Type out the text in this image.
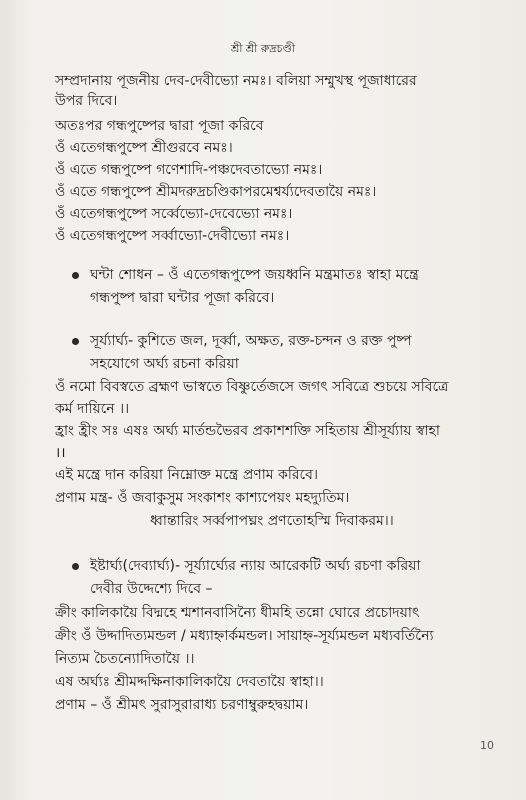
শ্রী শ্রী রুদ্রচণ্ডী
সম্প্রদানায় পূজনীয় দেব-দেবীভ্যো নমঃ। বলিয়া সম্মুখস্থ পূজাধারের
উপর দিবে।
অতঃপর গন্ধপুষ্পের দ্বারা পূজা করিবে
ওঁ এতেগন্ধপুষ্পে শ্রীগুরবে নমঃ।
ওঁ এতে গন্ধপুষ্পে গণেশাদি-পঞ্চদেবতাভ্যো নমঃ।
ওঁ এতে গন্ধপুষ্পে শ্রীমদরুদ্রচণ্ডিকাপরমেশ্বর্য্যদেবতায়ৈ নমঃ।
ওঁ এতেগন্ধপুষ্পে সর্ব্বেভ্যো-দেবেভ্যো নমঃ।
ওঁ এতেগন্ধপুষ্পে সর্ব্বাভ্যো-দেবীভ্যো নমঃ।
ঘন্টা শোধন – ওঁ এতেগন্ধপুষ্পে জয়ধ্বনি মন্ত্রমাতঃ স্বাহা মন্ত্রে
গন্ধপুষ্প দ্বারা ঘন্টার পূজা করিবে।
সূর্য্যার্ঘ্য- কুশিতে জল, দূর্ব্বা, অক্ষত, রক্ত-চন্দন ও রক্ত পুষ্প
সহযোগে অর্ঘ্য রচনা করিয়া
ওঁ নমো বিবস্বতে ব্রহ্মণ ভাস্বতে বিষ্ণুর্তেজসে জগৎ সবিত্রে শুচয়ে সবিত্রে
কর্ম দায়িনে ।।
হ্রাং হ্রীং সঃ এষঃ অর্ঘ্য মার্তন্ডভৈরব প্রকাশশক্তি সহিতায় শ্রীসূর্য্যায় স্বাহা
।।
এই মন্ত্রে দান করিয়া নিম্নোক্ত মন্ত্রে প্রণাম করিবে।
প্রণাম মন্ত্র- ওঁ জবাকুসুম সংকাশং কাশ্যপেয়ং মহদ্যুতিম।
ধ্বান্তারিং সর্ব্বপাপঘ্নং প্রণতোহস্মি দিবাকরম।।
ইষ্টার্ঘ্য(দেব্যার্ঘ্য)- সূর্য্যার্ঘ্যের ন্যায় আরেকটি অর্ঘ্য রচণা করিয়া
দেবীর উদ্দেশ্যে দিবে –
ক্রীং কালিকায়ৈ বিদ্মহে শ্মশানবাসিন্যৈ ধীমহি তন্নো ঘোরে প্রচোদয়াৎ
ক্রীং ওঁ উদ্দাদিত্যমন্ডল / মধ্যাহ্নার্কমন্ডল। সায়াহ্ন-সূর্য্যমন্ডল মধ্যবর্তিন্যৈ
নিত্যম চৈতন্যোদিতায়ৈ ।।
এষ অর্ঘ্যঃ শ্রীমদ্দক্ষিনাকালিকায়ৈ দেবতায়ৈ স্বাহা।।
প্রণাম – ওঁ শ্রীমৎ সুরাসুরারাধ্য চরণাম্বুরুহদ্বয়াম।
10
